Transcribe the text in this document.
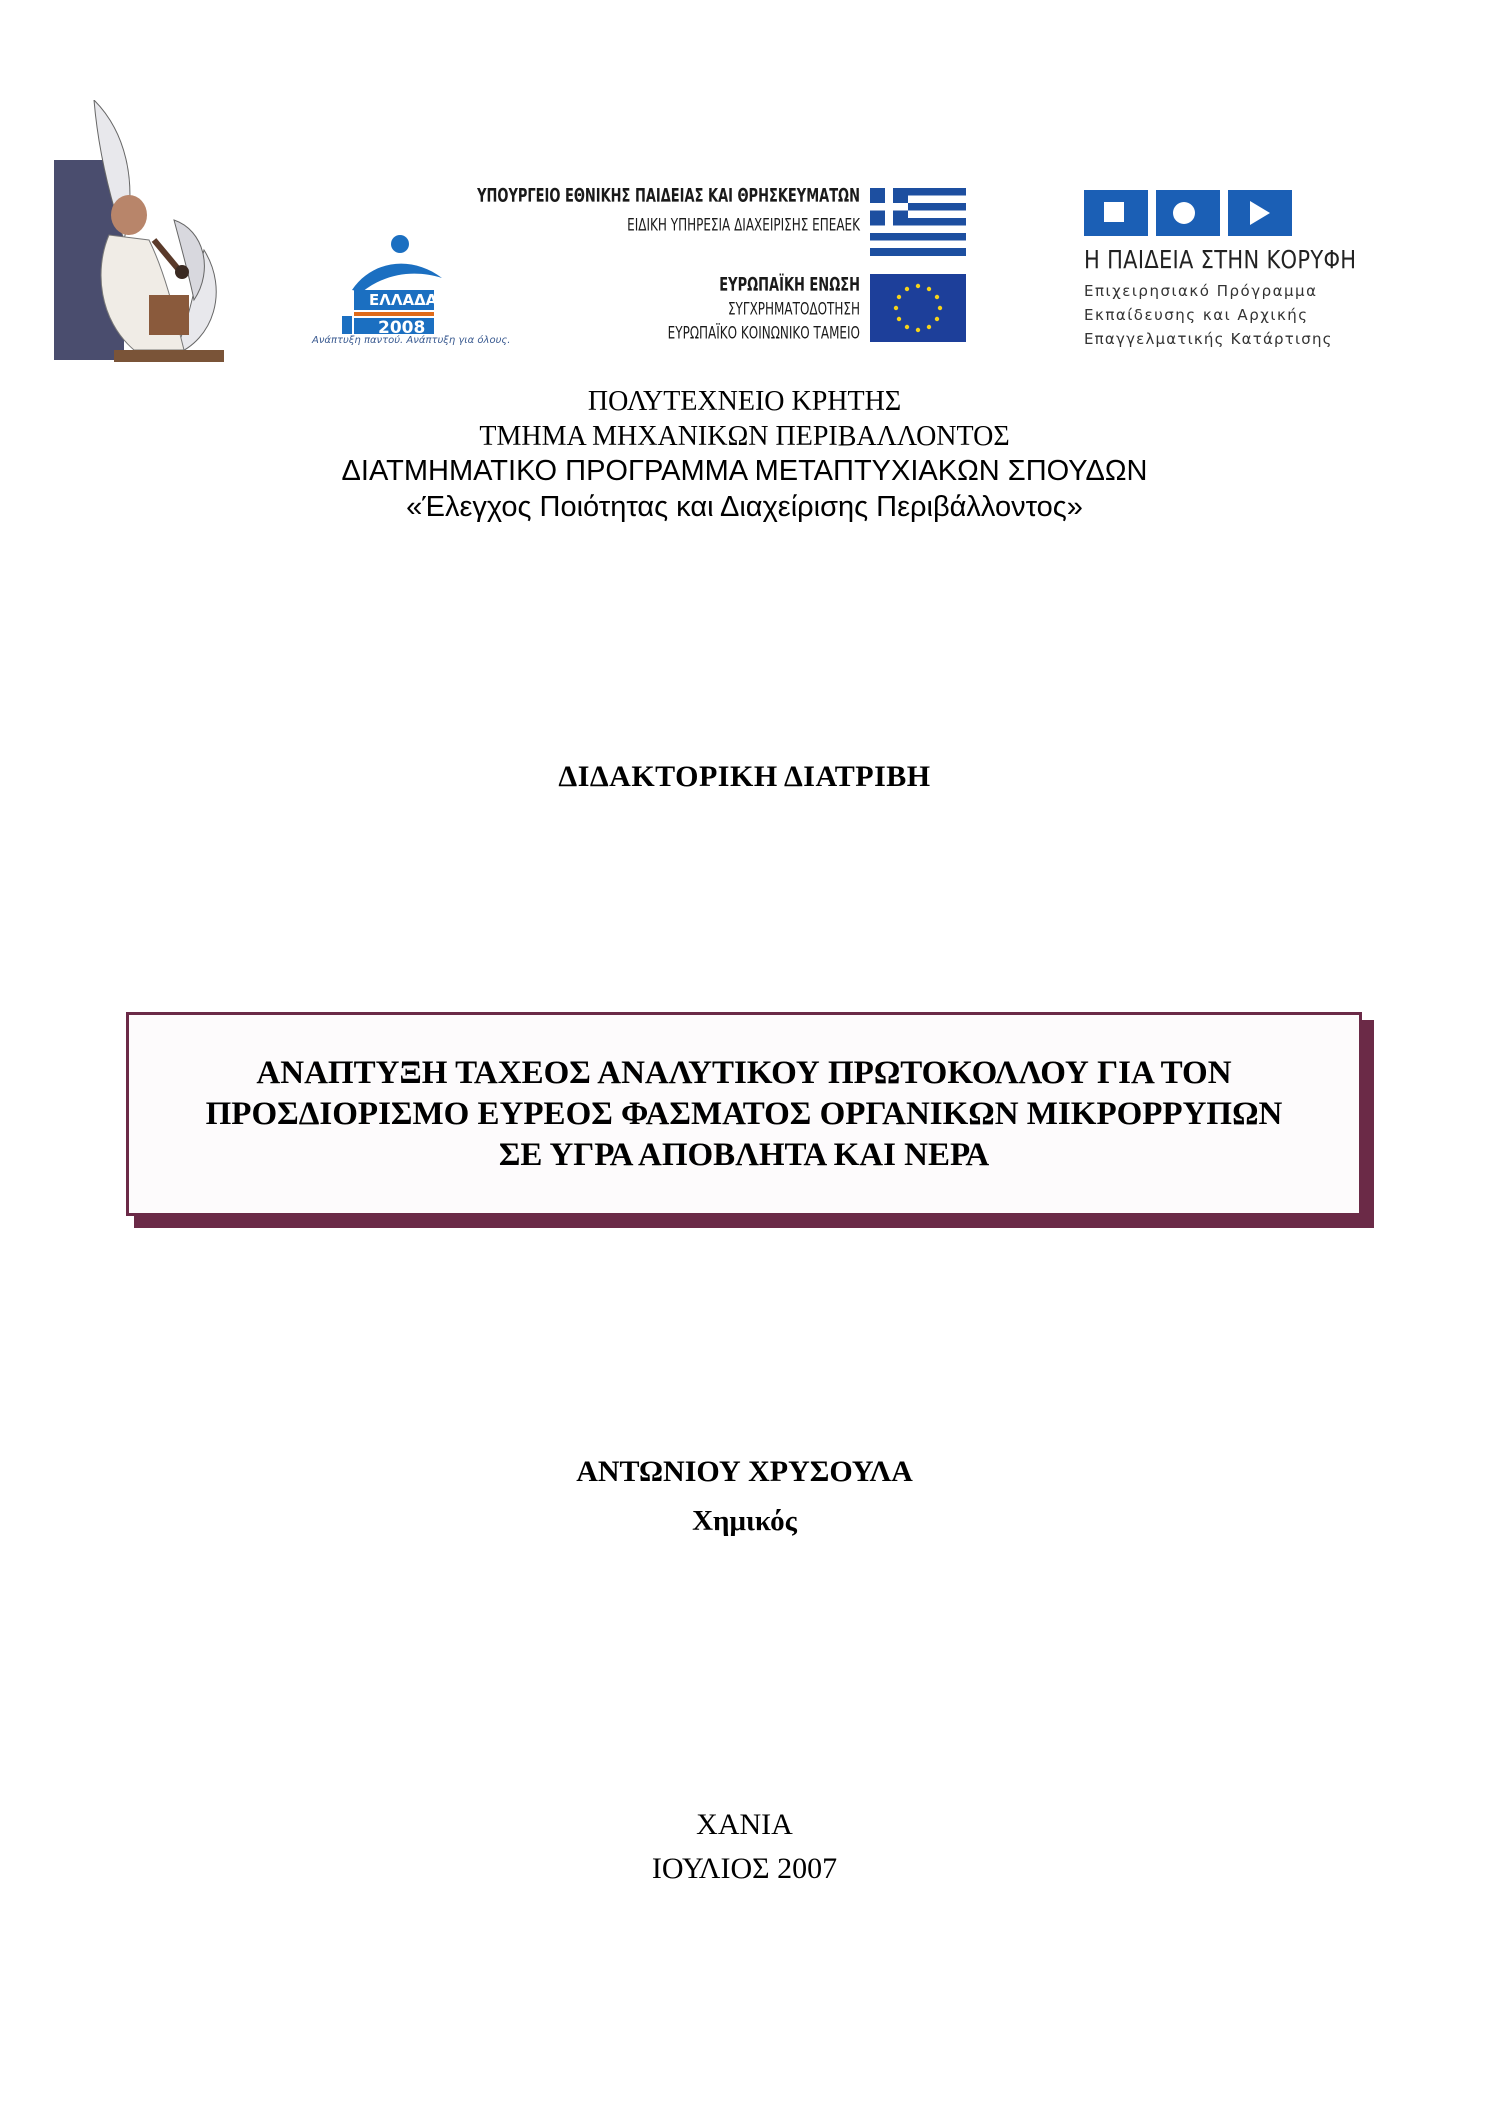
ΕΛΛΑΔΑ
2008
Ανάπτυξη παντού. Ανάπτυξη για όλους.
ΥΠΟΥΡΓΕΙΟ ΕΘΝΙΚΗΣ ΠΑΙΔΕΙΑΣ ΚΑΙ ΘΡΗΣΚΕΥΜΑΤΩΝ
ΕΙΔΙΚΗ ΥΠΗΡΕΣΙΑ ΔΙΑΧΕΙΡΙΣΗΣ ΕΠΕΑΕΚ
ΕΥΡΩΠΑΪΚΗ ΕΝΩΣΗ
ΣΥΓΧΡΗΜΑΤΟΔΟΤΗΣΗ
ΕΥΡΩΠΑΪΚΟ ΚΟΙΝΩΝΙΚΟ ΤΑΜΕΙΟ
Η ΠΑΙΔΕΙΑ ΣΤΗΝ ΚΟΡΥΦΗ
Επιχειρησιακό Πρόγραμμα
Εκπαίδευσης και Αρχικής
Επαγγελματικής Κατάρτισης
ΠΟΛΥΤΕΧΝΕΙΟ ΚΡΗΤΗΣ
ΤΜΗΜΑ ΜΗΧΑΝΙΚΩΝ ΠΕΡΙΒΑΛΛΟΝΤΟΣ
ΔΙΑΤΜΗΜΑΤΙΚΟ ΠΡΟΓΡΑΜΜΑ ΜΕΤΑΠΤΥΧΙΑΚΩΝ ΣΠΟΥΔΩΝ
«Έλεγχος Ποιότητας και Διαχείρισης Περιβάλλοντος»
ΔΙΔΑΚΤΟΡΙΚΗ ΔΙΑΤΡΙΒΗ
ΑΝΑΠΤΥΞΗ ΤΑΧΕΟΣ ΑΝΑΛΥΤΙΚΟΥ ΠΡΩΤΟΚΟΛΛΟΥ ΓΙΑ ΤΟΝ
ΠΡΟΣΔΙΟΡΙΣΜΟ ΕΥΡΕΟΣ ΦΑΣΜΑΤΟΣ ΟΡΓΑΝΙΚΩΝ ΜΙΚΡΟΡΡΥΠΩΝ
ΣΕ ΥΓΡΑ ΑΠΟΒΛΗΤΑ ΚΑΙ ΝΕΡΑ
ΑΝΤΩΝΙΟΥ ΧΡΥΣΟΥΛΑ
Χημικός
ΧΑΝΙΑ
ΙΟΥΛΙΟΣ 2007
